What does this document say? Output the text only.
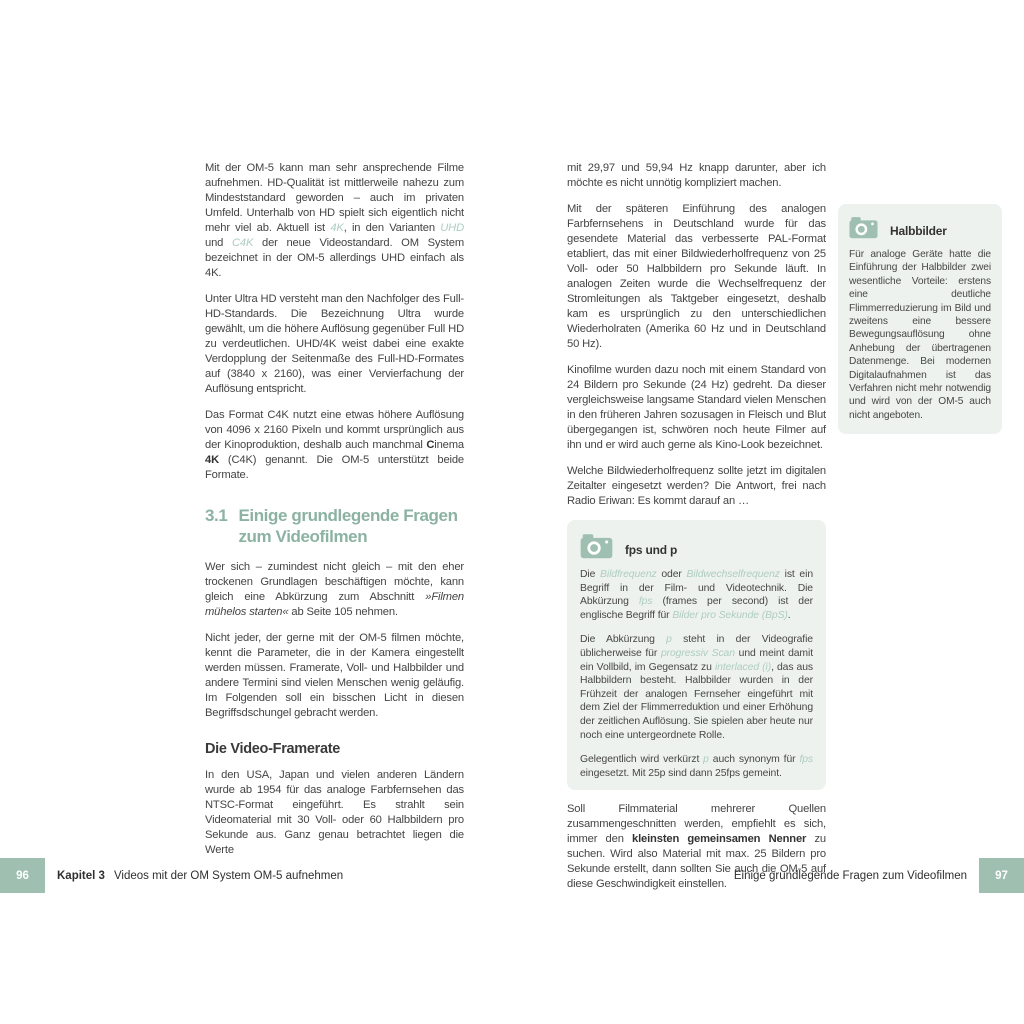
Mit der OM-5 kann man sehr ansprechende Filme aufnehmen. HD-Qualität ist mittlerweile nahezu zum Mindeststandard geworden – auch im privaten Umfeld. Unterhalb von HD spielt sich eigentlich nicht mehr viel ab. Aktuell ist 4K, in den Varianten UHD und C4K der neue Videostandard. OM System bezeichnet in der OM-5 allerdings UHD einfach als 4K.

Unter Ultra HD versteht man den Nachfolger des Full-HD-Standards. Die Bezeichnung Ultra wurde gewählt, um die höhere Auflösung gegenüber Full HD zu verdeutlichen. UHD/4K weist dabei eine exakte Verdopplung der Seitenmaße des Full-HD-Formates auf (3840 x 2160), was einer Vervierfachung der Auflösung entspricht.

Das Format C4K nutzt eine etwas höhere Auflösung von 4096 x 2160 Pixeln und kommt ursprünglich aus der Kinoproduktion, deshalb auch manchmal Cinema 4K (C4K) genannt. Die OM-5 unterstützt beide Formate.

3.1 Einige grundlegende Fragen
zum Videofilmen

Wer sich – zumindest nicht gleich – mit den eher trockenen Grundlagen beschäftigen möchte, kann gleich eine Abkürzung zum Abschnitt »Filmen mühelos starten« ab Seite 105 nehmen.

Nicht jeder, der gerne mit der OM-5 filmen möchte, kennt die Parameter, die in der Kamera eingestellt werden müssen. Framerate, Voll- und Halbbilder und andere Termini sind vielen Menschen wenig geläufig. Im Folgenden soll ein bisschen Licht in diesen Begriffsdschungel gebracht werden.

Die Video-Framerate

In den USA, Japan und vielen anderen Ländern wurde ab 1954 für das analoge Farbfernsehen das NTSC-Format eingeführt. Es strahlt sein Videomaterial mit 30 Voll- oder 60 Halbbildern pro Sekunde aus. Ganz genau betrachtet liegen die Werte

mit 29,97 und 59,94 Hz knapp darunter, aber ich möchte es nicht unnötig kompliziert machen.

Mit der späteren Einführung des analogen Farbfernsehens in Deutschland wurde für das gesendete Material das verbesserte PAL-Format etabliert, das mit einer Bildwiederholfrequenz von 25 Voll- oder 50 Halbbildern pro Sekunde läuft. In analogen Zeiten wurde die Wechselfrequenz der Stromleitungen als Taktgeber eingesetzt, deshalb kam es ursprünglich zu den unterschiedlichen Wiederholraten (Amerika 60 Hz und in Deutschland 50 Hz).

Kinofilme wurden dazu noch mit einem Standard von 24 Bildern pro Sekunde (24 Hz) gedreht. Da dieser vergleichsweise langsame Standard vielen Menschen in den früheren Jahren sozusagen in Fleisch und Blut übergegangen ist, schwören noch heute Filmer auf ihn und er wird auch gerne als Kino-Look bezeichnet.

Welche Bildwiederholfrequenz sollte jetzt im digitalen Zeitalter eingesetzt werden? Die Antwort, frei nach Radio Eriwan: Es kommt darauf an …

fps und p

Die Bildfrequenz oder Bildwechselfrequenz ist ein Begriff in der Film- und Videotechnik. Die Abkürzung fps (frames per second) ist der englische Begriff für Bilder pro Sekunde (BpS).

Die Abkürzung p steht in der Videografie üblicherweise für progressiv Scan und meint damit ein Vollbild, im Gegensatz zu interlaced (i), das aus Halbbildern besteht. Halbbilder wurden in der Frühzeit der analogen Fernseher eingeführt mit dem Ziel der Flimmerreduktion und einer Erhöhung der zeitlichen Auflösung. Sie spielen aber heute nur noch eine untergeordnete Rolle.

Gelegentlich wird verkürzt p auch synonym für fps eingesetzt. Mit 25p sind dann 25fps gemeint.

Soll Filmmaterial mehrerer Quellen zusammengeschnitten werden, empfiehlt es sich, immer den kleinsten gemeinsamen Nenner zu suchen. Wird also Material mit max. 25 Bildern pro Sekunde erstellt, dann sollten Sie auch die OM-5 auf diese Geschwindigkeit einstellen.

Halbbilder

Für analoge Geräte hatte die Einführung der Halbbilder zwei wesentliche Vorteile: erstens eine deutliche Flimmerreduzierung im Bild und zweitens eine bessere Bewegungsauflösung ohne Anhebung der übertragenen Datenmenge. Bei modernen Digitalaufnahmen ist das Verfahren nicht mehr notwendig und wird von der OM-5 auch nicht angeboten.

96	Kapitel 3 Videos mit der OM System OM-5 aufnehmen	Einige grundlegende Fragen zum Videofilmen	97
